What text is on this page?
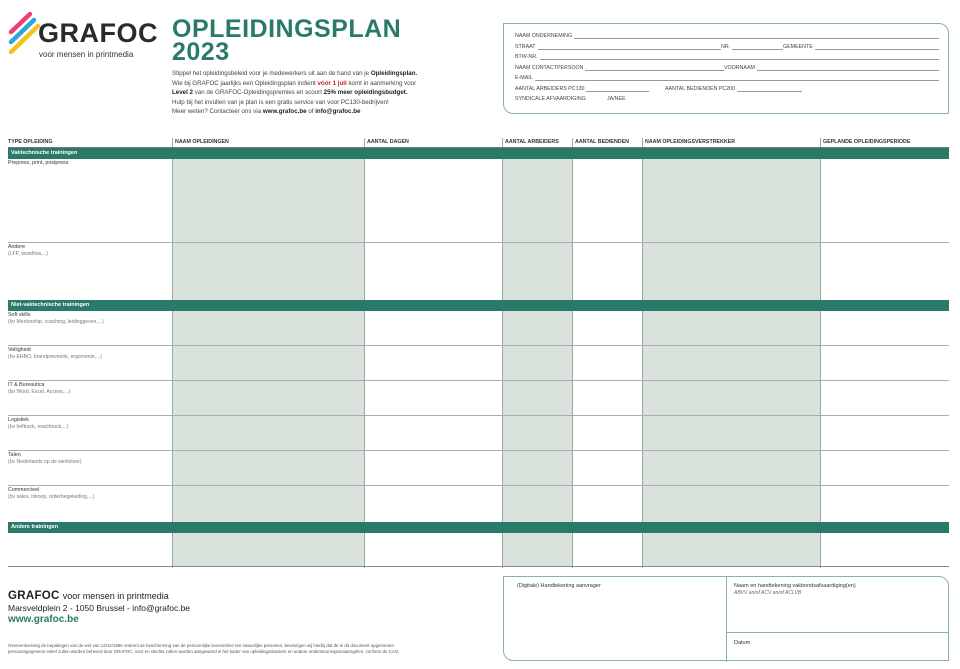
GRAFOC
voor mensen in printmedia
OPLEIDINGSPLAN
2023

Stippel het opleidingsbeleid voor je medewerkers uit aan de hand van je Opleidingsplan.

Wie bij GRAFOC jaarlijks een Opleidingsplan indient vóór 1 juli komt in aanmerking voor

Level 2 van de GRAFOC-Opleidingspremies en scoort 25% meer opleidingsbudget.

Hulp bij het invullen van je plan is een gratis service van voor PC130-bedrijven!

Meer weten? Contacteer ons via www.grafoc.be of info@grafoc.be

NAAM ONDERNEMING
STRAAT	NR.	GEMEENTE
BTW-NR.
NAAM CONTACTPERSOON	VOORNAAM
E-MAIL
AANTAL ARBEIDERS PC130	AANTAL BEDIENDEN PC200
SYNDICALE AFVAARDIGING	JA/NEE
TYPE OPLEIDING	NAAM OPLEIDINGEN	AANTAL DAGEN	AANTAL ARBEIDERS	AANTAL BEDIENDEN	NAAM OPLEIDINGSVERSTREKKER	GEPLANDE OPLEIDINGSPERIODE
Vaktechnische trainingen
Prepress, print, postpress
Andere
(LFP, workflow,...)
Niet-vaktechnische trainingen
Soft skills
(bv Mentorship, coaching, leidinggeven,...)
Veiligheid
(bv EHBO, brandpreventie, ergonomie,...)
IT & Bureautica
(bv Word, Excel, Access,...)
Logistiek
(bv heftruck, reachtruck,...)
Talen
(bv Nederlands op de werkvloer)
Commercieel
(bv sales, inkoop, orderbegeleiding,...)
Andere trainingen
GRAFOC voor mensen in printmedia
Marsveldplein 2 - 1050 Brussel - info@grafoc.be
www.grafoc.be

Overeenkomstig de bepalingen van de wet van 12/12/1996 omtrent de bescherming van de persoonlijke levenssfeer ten natuurlijke personen, bevestigen wij hierbij dat de in dit document opgenomen

persoonsgegevens enkel zullen worden beheerd door GRAFOC, voor en slechts zullen worden aangewend in het kader van opleidingsdossiers en andere ondersteuningsmaatregelen, conform de CAO.

(Digitale) Handtekening aanvrager	Naam en handtekening vakbondsafvaardiging(en)
ABVV en/of ACV en/of ACLVB
Datum
